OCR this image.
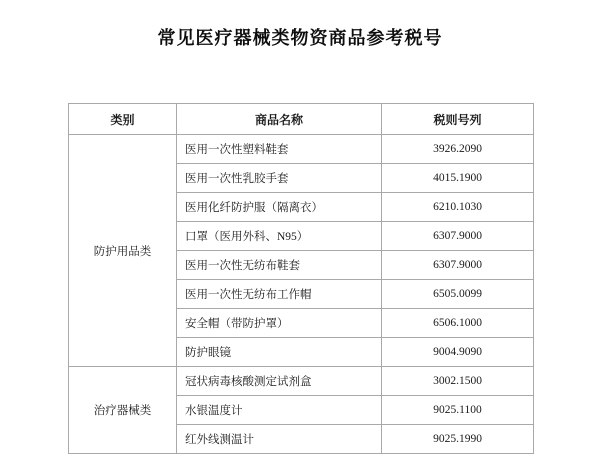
常见医疗器械类物资商品参考税号
类别	商品名称	税则号列
防护用品类	医用一次性塑料鞋套	3926.2090
	医用一次性乳胶手套	4015.1900
	医用化纤防护服（隔离衣）	6210.1030
	口罩（医用外科、N95）	6307.9000
	医用一次性无纺布鞋套	6307.9000
	医用一次性无纺布工作帽	6505.0099
	安全帽（带防护罩）	6506.1000
	防护眼镜	9004.9090
治疗器械类	冠状病毒核酸测定试剂盒	3002.1500
	水银温度计	9025.1100
	红外线测温计	9025.1990
